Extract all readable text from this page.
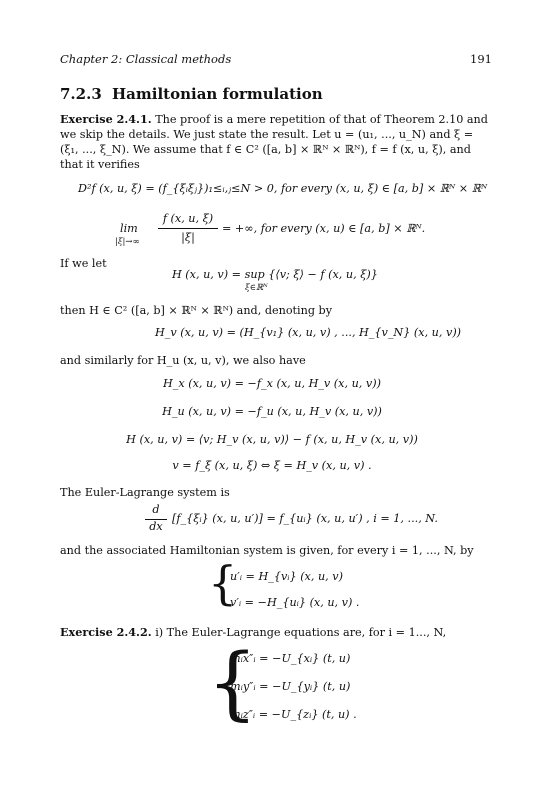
Chapter 2: Classical methods	191
7.2.3 Hamiltonian formulation
Exercise 2.4.1. The proof is a mere repetition of that of Theorem 2.10 and
we skip the details. We just state the result. Let u = (u₁, ..., u_N) and ξ =
(ξ₁, ..., ξ_N). We assume that f ∈ C² ([a, b] × ℝᴺ × ℝᴺ), f = f (x, u, ξ), and
that it verifies
D²f (x, u, ξ) = (f_{ξᵢξⱼ})₁≤ᵢ,ⱼ≤N > 0, for every (x, u, ξ) ∈ [a, b] × ℝᴺ × ℝᴺ
lim
|ξ|→∞
f (x, u, ξ)
|ξ|
= +∞, for every (x, u) ∈ [a, b] × ℝᴺ.
If we let
H (x, u, v) = sup {⟨v; ξ⟩ − f (x, u, ξ)}
ξ∈ℝᴺ
then H ∈ C² ([a, b] × ℝᴺ × ℝᴺ) and, denoting by
H_v (x, u, v) = (H_{v₁} (x, u, v) , ..., H_{v_N} (x, u, v))
and similarly for H_u (x, u, v), we also have
H_x (x, u, v) = −f_x (x, u, H_v (x, u, v))
H_u (x, u, v) = −f_u (x, u, H_v (x, u, v))
H (x, u, v) = ⟨v; H_v (x, u, v)⟩ − f (x, u, H_v (x, u, v))
v = f_ξ (x, u, ξ) ⇔ ξ = H_v (x, u, v) .
The Euler-Lagrange system is
d
dx
[f_{ξᵢ} (x, u, u′)] = f_{uᵢ} (x, u, u′) , i = 1, ..., N.
and the associated Hamiltonian system is given, for every i = 1, ..., N, by
{
u′ᵢ = H_{vᵢ} (x, u, v)
v′ᵢ = −H_{uᵢ} (x, u, v) .
Exercise 2.4.2. i) The Euler-Lagrange equations are, for i = 1..., N,
{
mᵢx″ᵢ = −U_{xᵢ} (t, u)
mᵢy″ᵢ = −U_{yᵢ} (t, u)
mᵢz″ᵢ = −U_{zᵢ} (t, u) .
